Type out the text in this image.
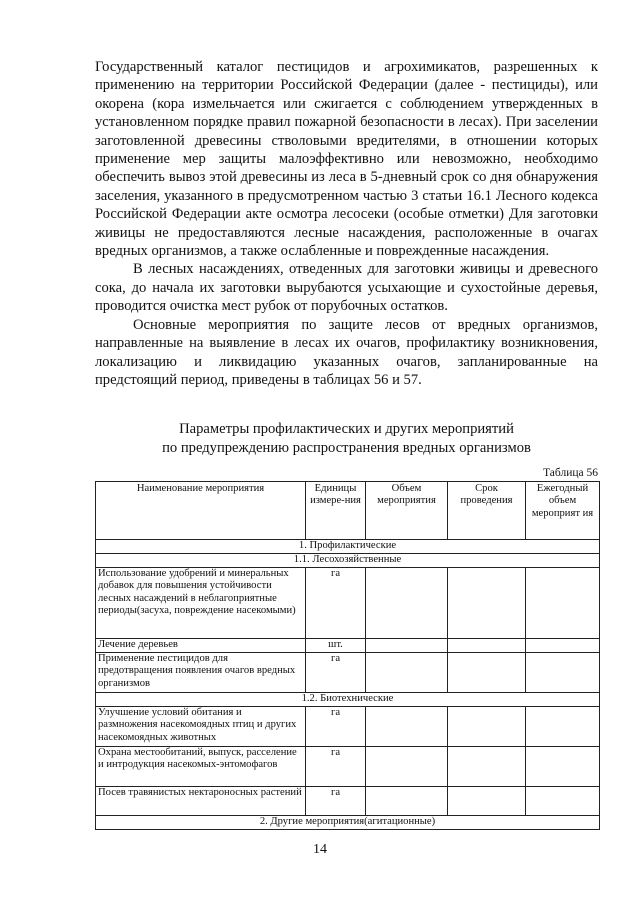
Государственный каталог пестицидов и агрохимикатов, разрешенных к применению на территории Российской Федерации (далее - пестициды), или окорена (кора измельчается или сжигается с соблюдением утвержденных в установленном порядке правил пожарной безопасности в лесах). При заселении заготовленной древесины стволовыми вредителями, в отношении которых применение мер защиты малоэффективно или невозможно, необходимо обеспечить вывоз этой древесины из леса в 5-дневный срок со дня обнаружения заселения, указанного в предусмотренном частью 3 статьи 16.1 Лесного кодекса Российской Федерации акте осмотра лесосеки (особые отметки) Для заготовки живицы не предоставляются лесные насаждения, расположенные в очагах вредных организмов, а также ослабленные и поврежденные насаждения.

В лесных насаждениях, отведенных для заготовки живицы и древесного сока, до начала их заготовки вырубаются усыхающие и сухостойные деревья, проводится очистка мест рубок от порубочных остатков.

Основные мероприятия по защите лесов от вредных организмов, направленные на выявление в лесах их очагов, профилактику возникновения, локализацию и ликвидацию указанных очагов, запланированные на предстоящий период, приведены в таблицах 56 и 57.

Параметры профилактических и других мероприятий
по предупреждению распространения вредных организмов
Таблица 56
Наименование мероприятия	Единицы измере-ния	Объем мероприятия	Срок проведения	Ежегодный объем мероприят ия
1. Профилактические				
1.1. Лесохозяйственные				
Использование удобрений и минеральных добавок для повышения устойчивости лесных насаждений в неблагоприятные периоды(засуха, повреждение насекомыми)	га			
Лечение деревьев	шт.			
Применение пестицидов для предотвращения появления очагов вредных организмов	га			
1.2. Биотехнические				
Улучшение условий обитания и размножения насекомоядных птиц и других насекомоядных животных	га			
Охрана местообитаний, выпуск, расселение и интродукция насекомых-энтомофагов	га			
Посев травянистых нектароносных растений	га			
2. Другие мероприятия(агитационные)				
14
